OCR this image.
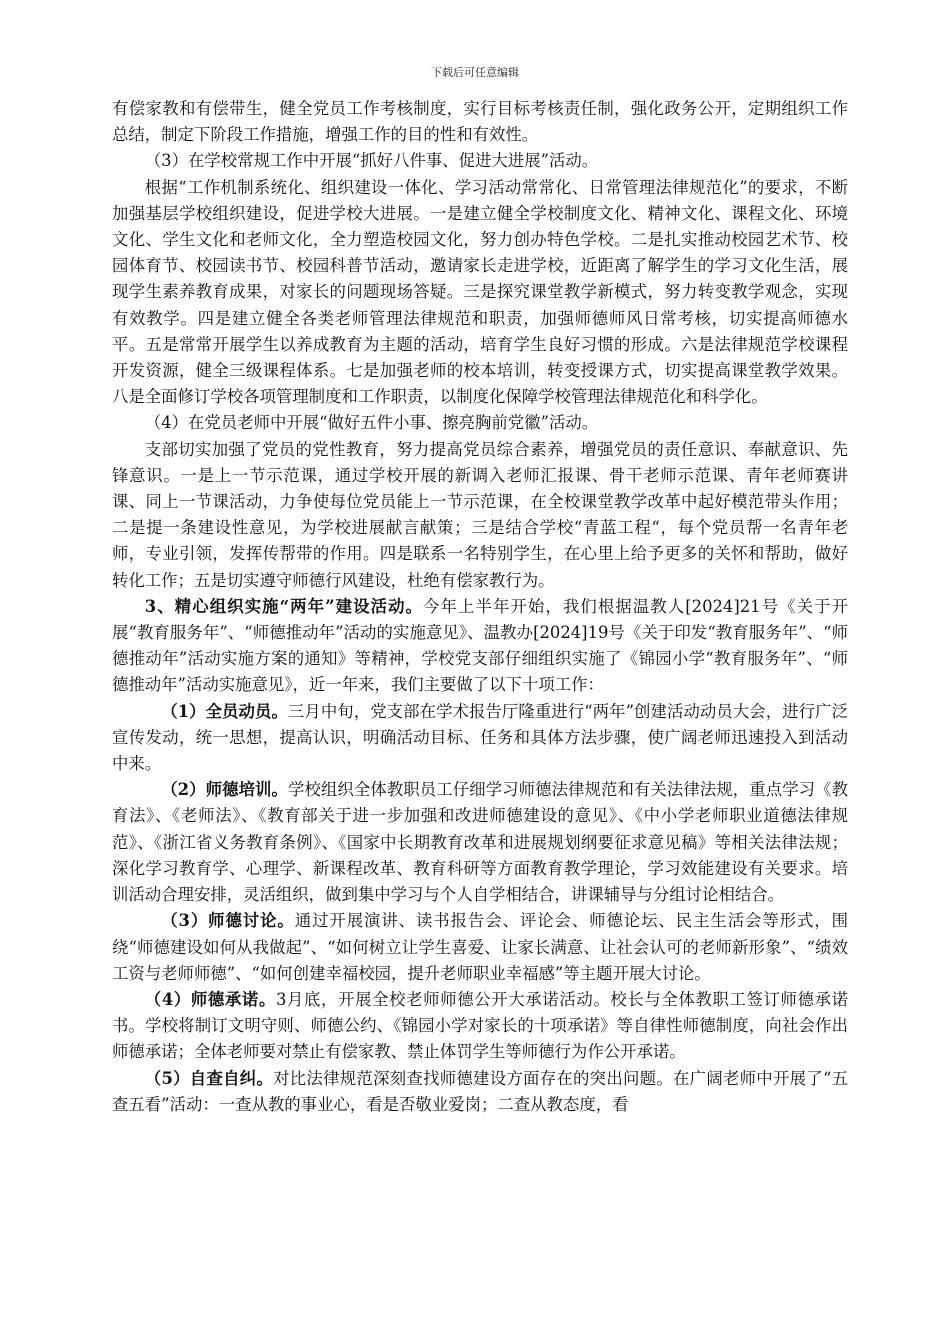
下载后可任意编辑

有偿家教和有偿带生，健全党员工作考核制度，实行目标考核责任制，强化政务公开，定期组织工作总结，制定下阶段工作措施，增强工作的目的性和有效性。

（3）在学校常规工作中开展“抓好八件事、促进大进展”活动。

根据“工作机制系统化、组织建设一体化、学习活动常常化、日常管理法律规范化”的要求，不断加强基层学校组织建设，促进学校大进展。一是建立健全学校制度文化、精神文化、课程文化、环境文化、学生文化和老师文化，全力塑造校园文化，努力创办特色学校。二是扎实推动校园艺术节、校园体育节、校园读书节、校园科普节活动，邀请家长走进学校，近距离了解学生的学习文化生活，展现学生素养教育成果，对家长的问题现场答疑。三是探究课堂教学新模式，努力转变教学观念，实现有效教学。四是建立健全各类老师管理法律规范和职责，加强师德师风日常考核，切实提高师德水平。五是常常开展学生以养成教育为主题的活动，培育学生良好习惯的形成。六是法律规范学校课程开发资源，健全三级课程体系。七是加强老师的校本培训，转变授课方式，切实提高课堂教学效果。八是全面修订学校各项管理制度和工作职责，以制度化保障学校管理法律规范化和科学化。

（4）在党员老师中开展“做好五件小事、擦亮胸前党徽”活动。

支部切实加强了党员的党性教育，努力提高党员综合素养，增强党员的责任意识、奉献意识、先锋意识。一是上一节示范课，通过学校开展的新调入老师汇报课、骨干老师示范课、青年老师赛讲课、同上一节课活动，力争使每位党员能上一节示范课，在全校课堂教学改革中起好模范带头作用；二是提一条建设性意见，为学校进展献言献策；三是结合学校“青蓝工程“，每个党员帮一名青年老师，专业引领，发挥传帮带的作用。四是联系一名特别学生，在心里上给予更多的关怀和帮助，做好转化工作；五是切实遵守师德行风建设，杜绝有偿家教行为。

3、精心组织实施“两年”建设活动。今年上半年开始，我们根据温教人[2024]21号《关于开展“教育服务年”、“师德推动年”活动的实施意见》、温教办[2024]19号《关于印发“教育服务年”、“师德推动年”活动实施方案的通知》等精神，学校党支部仔细组织实施了《锦园小学“教育服务年”、“师德推动年”活动实施意见》，近一年来，我们主要做了以下十项工作：

（1）全员动员。三月中旬，党支部在学术报告厅隆重进行“两年”创建活动动员大会，进行广泛宣传发动，统一思想，提高认识，明确活动目标、任务和具体方法步骤，使广阔老师迅速投入到活动中来。

（2）师德培训。学校组织全体教职员工仔细学习师德法律规范和有关法律法规，重点学习《教育法》、《老师法》、《教育部关于进一步加强和改进师德建设的意见》、《中小学老师职业道德法律规范》、《浙江省义务教育条例》、《国家中长期教育改革和进展规划纲要征求意见稿》等相关法律法规；深化学习教育学、心理学、新课程改革、教育科研等方面教育教学理论，学习效能建设有关要求。培训活动合理安排，灵活组织，做到集中学习与个人自学相结合，讲课辅导与分组讨论相结合。

（3）师德讨论。通过开展演讲、读书报告会、评论会、师德论坛、民主生活会等形式，围绕“师德建设如何从我做起”、“如何树立让学生喜爱、让家长满意、让社会认可的老师新形象”、“绩效工资与老师师德”、“如何创建幸福校园，提升老师职业幸福感”等主题开展大讨论。

（4）师德承诺。3月底，开展全校老师师德公开大承诺活动。校长与全体教职工签订师德承诺书。学校将制订文明守则、师德公约、《锦园小学对家长的十项承诺》等自律性师德制度，向社会作出师德承诺；全体老师要对禁止有偿家教、禁止体罚学生等师德行为作公开承诺。

（5）自查自纠。对比法律规范深刻查找师德建设方面存在的突出问题。在广阔老师中开展了“五查五看”活动：一查从教的事业心，看是否敬业爱岗；二查从教态度，看
